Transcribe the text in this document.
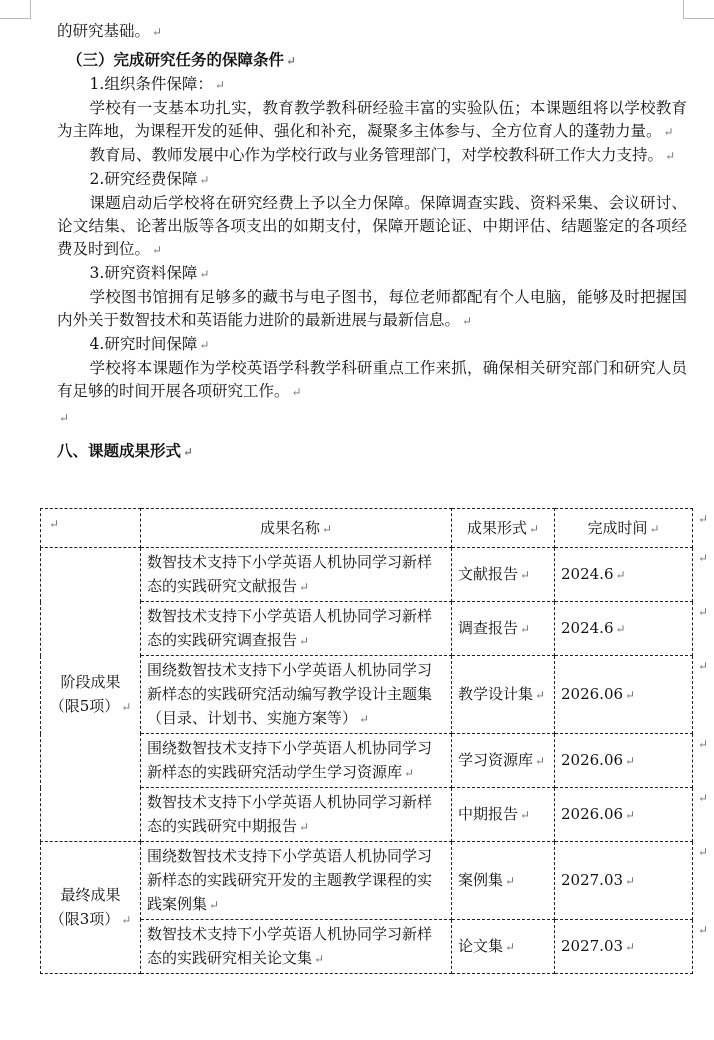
的研究基础。 ↵

（三）完成研究任务的保障条件 ↵

1.组织条件保障： ↵

学校有一支基本功扎实，教育教学教科研经验丰富的实验队伍；本课题组将以学校教育为主阵地，为课程开发的延伸、强化和补充，凝聚多主体参与、全方位育人的蓬勃力量。 ↵

教育局、教师发展中心作为学校行政与业务管理部门，对学校教科研工作大力支持。 ↵

2.研究经费保障 ↵

课题启动后学校将在研究经费上予以全力保障。保障调查实践、资料采集、会议研讨、论文结集、论著出版等各项支出的如期支付，保障开题论证、中期评估、结题鉴定的各项经费及时到位。 ↵

3.研究资料保障 ↵

学校图书馆拥有足够多的藏书与电子图书，每位老师都配有个人电脑，能够及时把握国内外关于数智技术和英语能力进阶的最新进展与最新信息。 ↵

4.研究时间保障 ↵

学校将本课题作为学校英语学科教学科研重点工作来抓，确保相关研究部门和研究人员有足够的时间开展各项研究工作。 ↵

↵

八、课题成果形式 ↵

↵	成果名称 ↵	成果形式 ↵	完成时间 ↵
↵

阶段成果（限5项） ↵	数智技术支持下小学英语人机协同学习新样态的实践研究文献报告 ↵	文献报告 ↵	2024.6 ↵
↵

	数智技术支持下小学英语人机协同学习新样态的实践研究调查报告 ↵	调查报告 ↵	2024.6 ↵
↵

	围绕数智技术支持下小学英语人机协同学习新样态的实践研究活动编写教学设计主题集（目录、计划书、实施方案等） ↵	教学设计集 ↵	2026.06 ↵
↵

	围绕数智技术支持下小学英语人机协同学习新样态的实践研究活动学生学习资源库 ↵	学习资源库 ↵	2026.06 ↵
↵

	数智技术支持下小学英语人机协同学习新样态的实践研究中期报告 ↵	中期报告 ↵	2026.06 ↵
↵

最终成果（限3项） ↵	围绕数智技术支持下小学英语人机协同学习新样态的实践研究开发的主题教学课程的实践案例集 ↵	案例集 ↵	2027.03 ↵
↵

	数智技术支持下小学英语人机协同学习新样态的实践研究相关论文集 ↵	论文集 ↵	2027.03 ↵
↵
